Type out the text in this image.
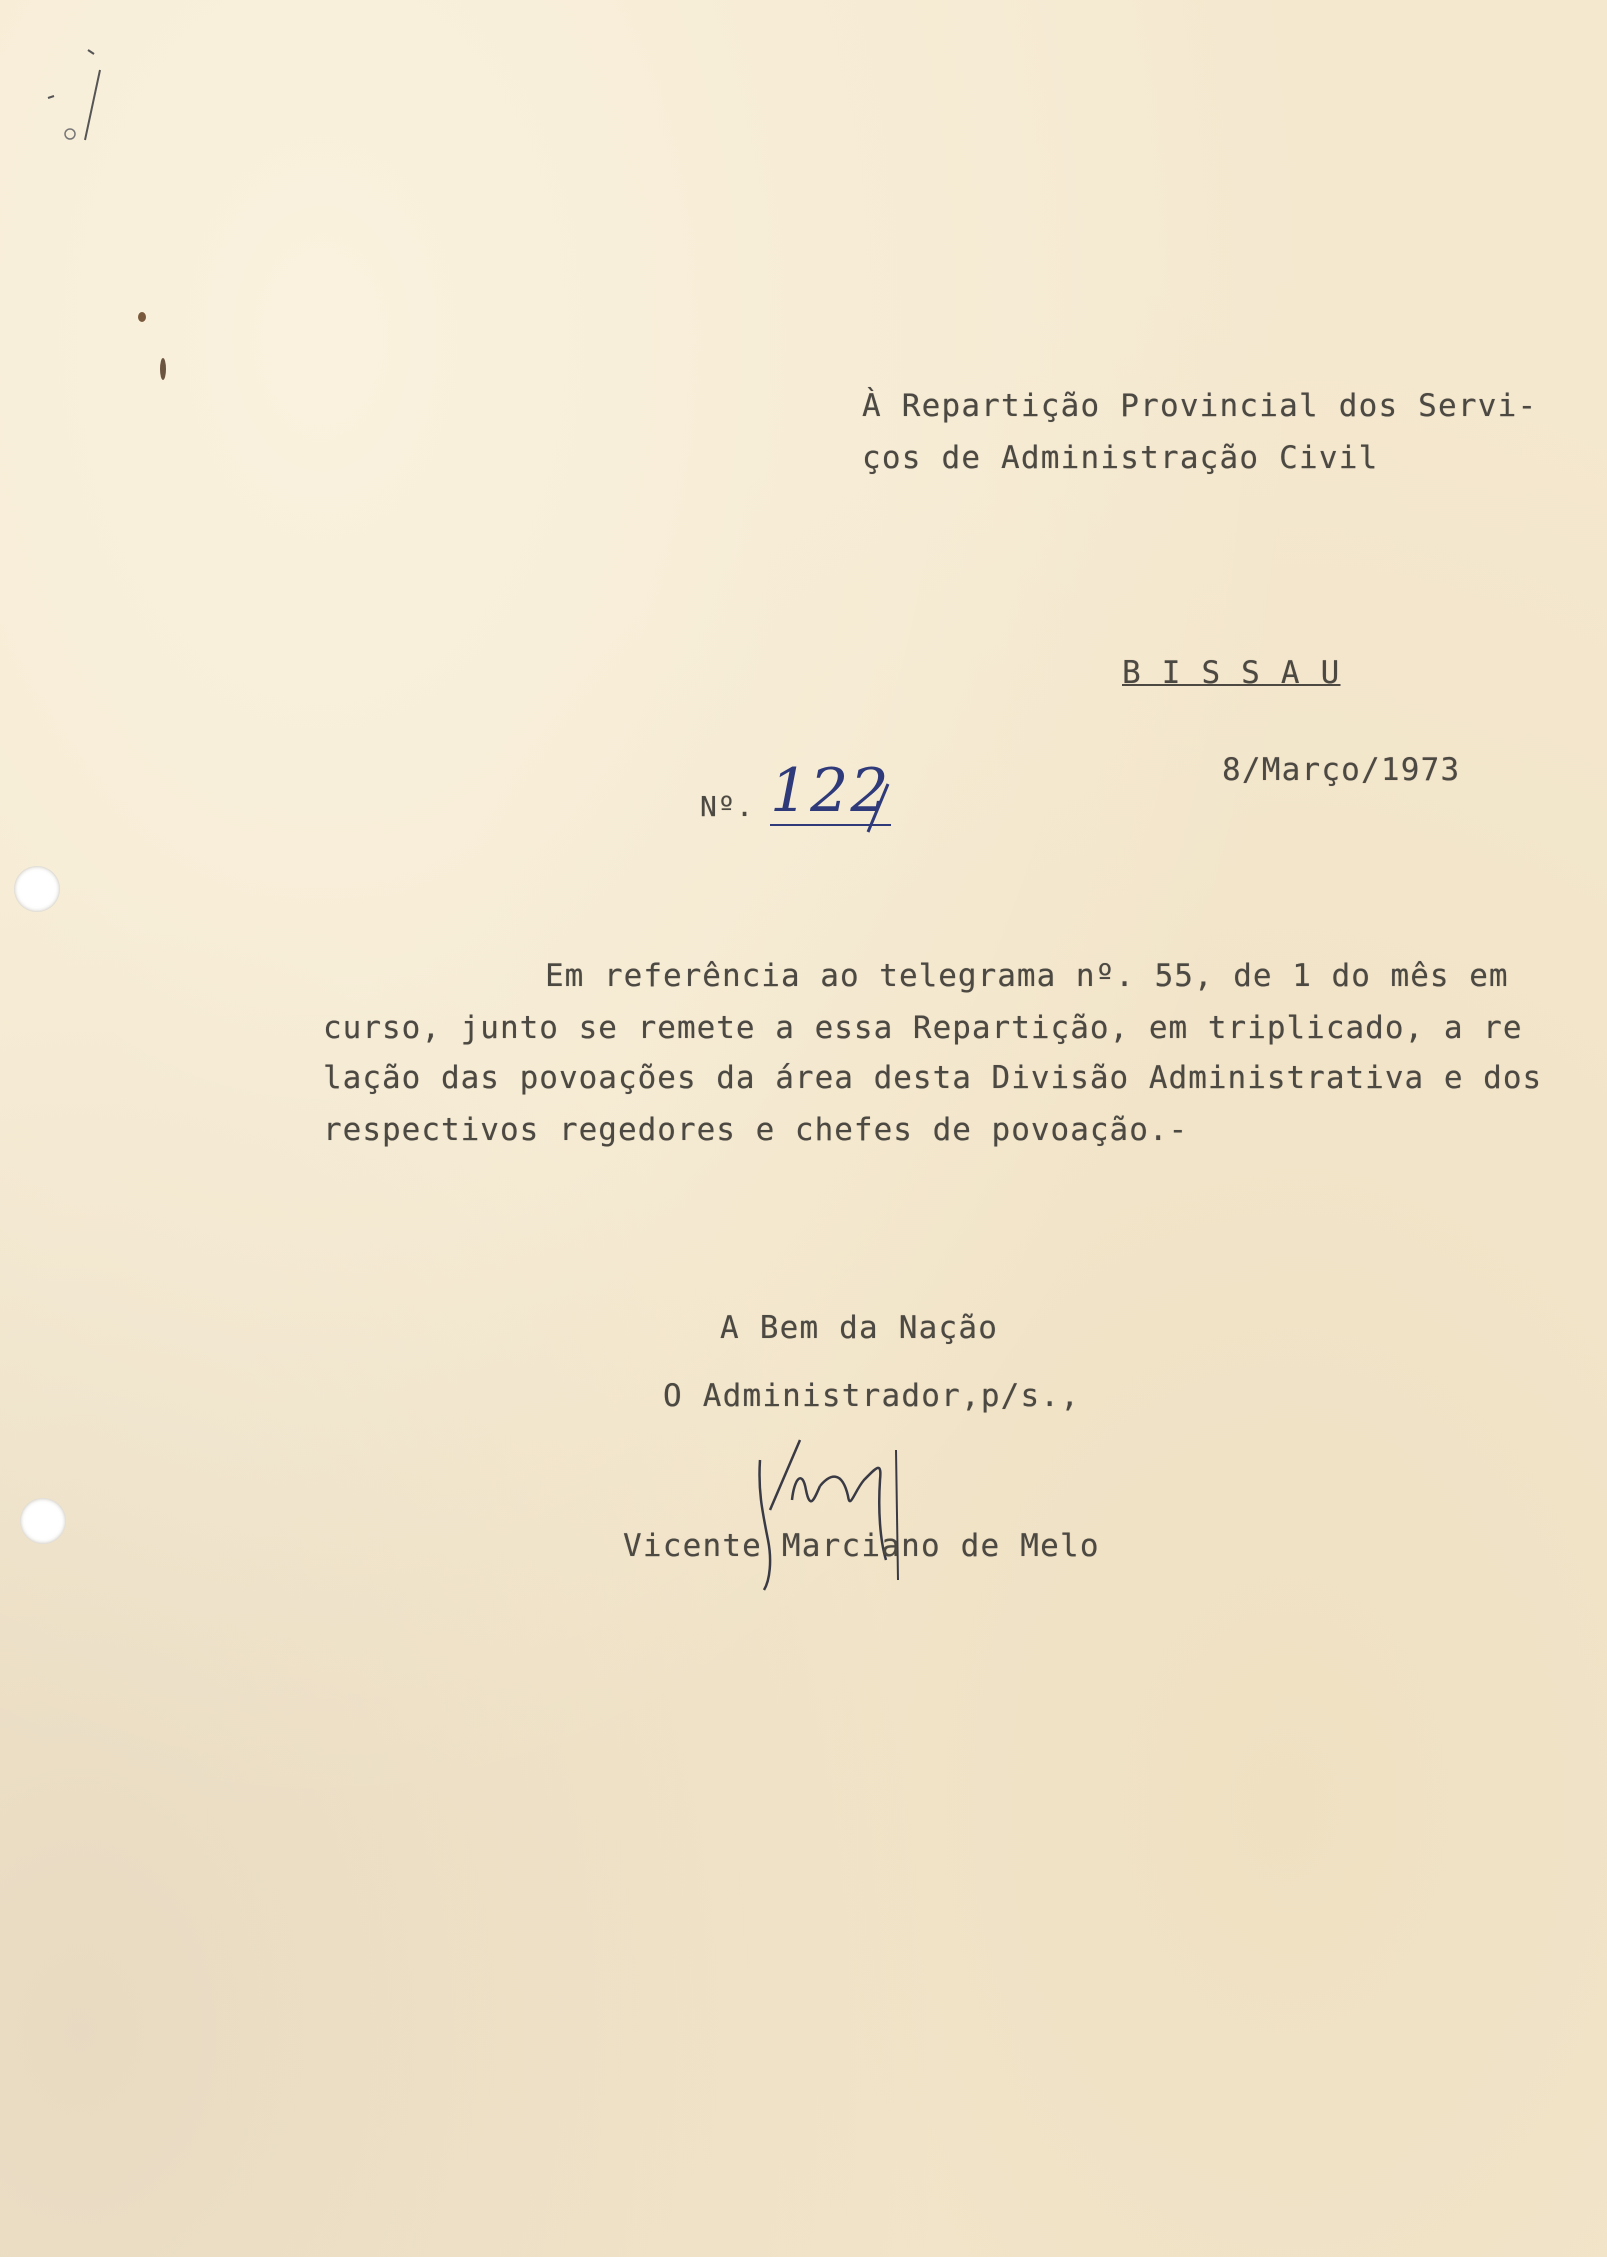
À Repartição Provincial dos Servi-
ços de Administração Civil
B I S S A U
Nº. 122	8/Março/1973
Em referência ao telegrama nº. 55, de 1 do mês em
curso, junto se remete a essa Repartição, em triplicado, a re
lação das povoações da área desta Divisão Administrativa e dos
respectivos regedores e chefes de povoação.-
A Bem da Nação
O Administrador,p/s.,
Vicente Marciano de Melo
